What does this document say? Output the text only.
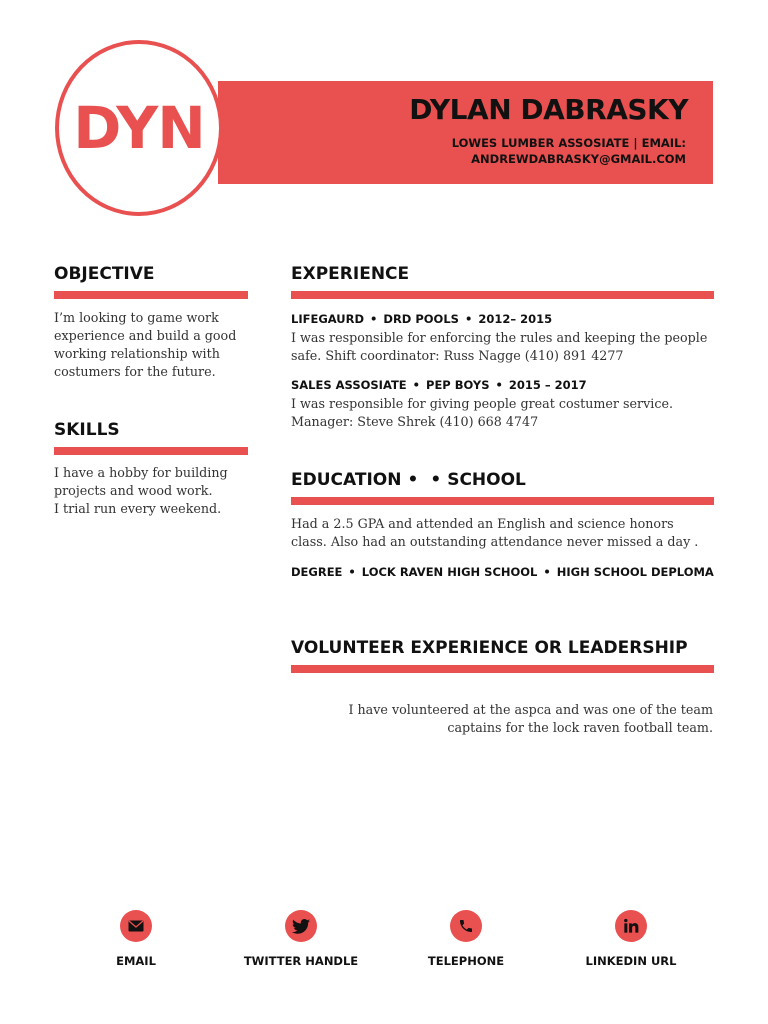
DYN	DYLAN DABRASKY
LOWES LUMBER ASSOSIATE | EMAIL:
ANDREWDABRASKY@GMAIL.COM
OBJECTIVE
I’m looking to game work experience and build a good working relationship with costumers for the future.
SKILLS
I have a hobby for building projects and wood work.
I trial run every weekend.
EXPERIENCE
LIFEGAURD • DRD POOLS • 2012– 2015
I was responsible for enforcing the rules and keeping the people safe. Shift coordinator: Russ Nagge (410) 891 4277
SALES ASSOSIATE • PEP BOYS • 2015 – 2017
I was responsible for giving people great costumer service. Manager: Steve Shrek (410) 668 4747
EDUCATION • • SCHOOL
Had a 2.5 GPA and attended an English and science honors class. Also had an outstanding attendance never missed a day .
DEGREE • LOCK RAVEN HIGH SCHOOL • HIGH SCHOOL DEPLOMA
VOLUNTEER EXPERIENCE OR LEADERSHIP
I have volunteered at the aspca and was one of the team
captains for the lock raven football team.
EMAIL	TWITTER HANDLE	TELEPHONE	LINKEDIN URL
